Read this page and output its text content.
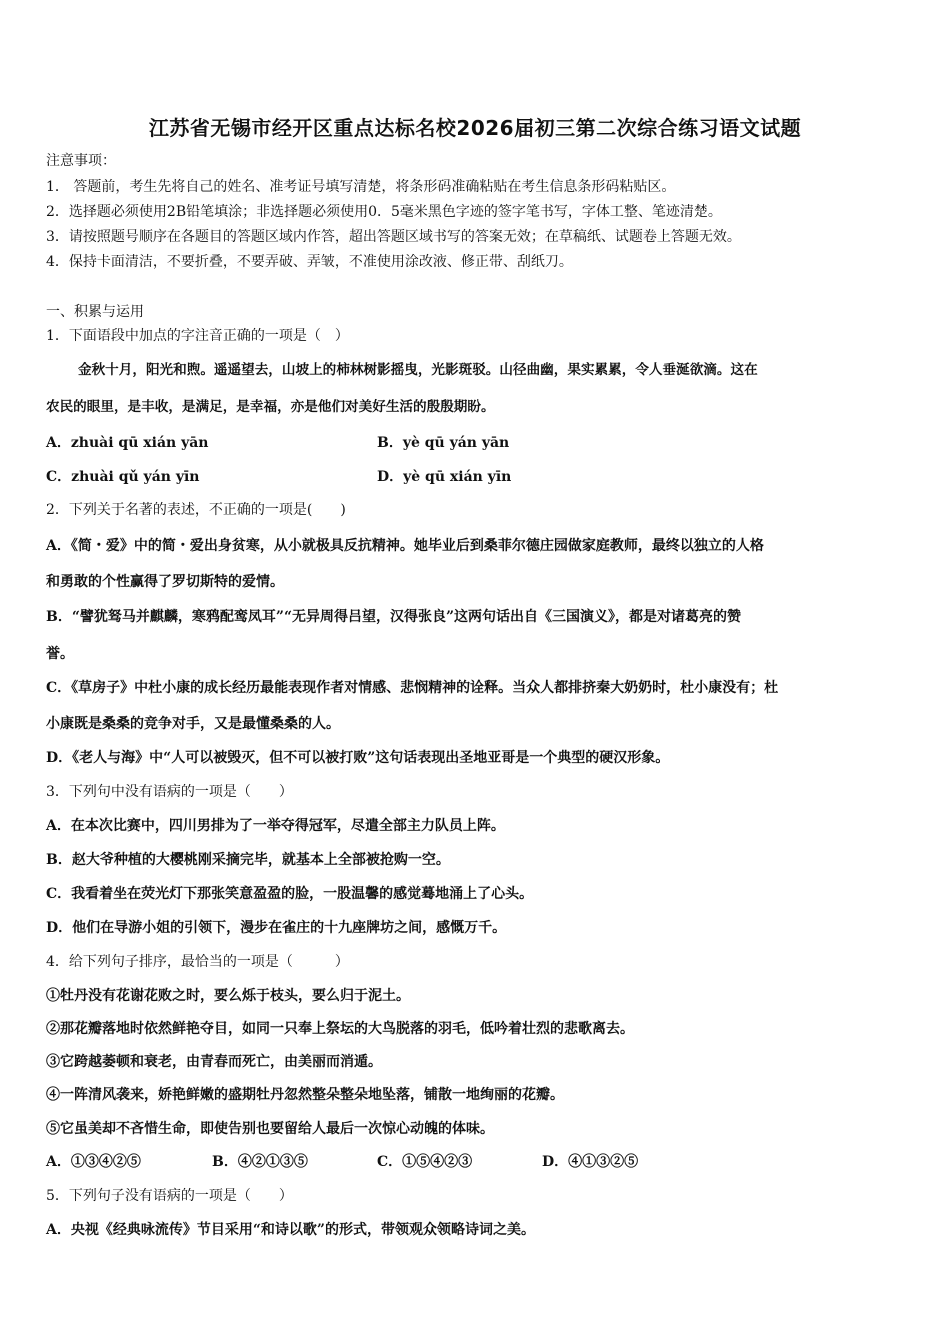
江苏省无锡市经开区重点达标名校2026届初三第二次综合练习语文试题
注意事项：
1． 答题前，考生先将自己的姓名、准考证号填写清楚，将条形码准确粘贴在考生信息条形码粘贴区。
2．选择题必须使用2B铅笔填涂；非选择题必须使用0．5毫米黑色字迹的签字笔书写，字体工整、笔迹清楚。
3．请按照题号顺序在各题目的答题区域内作答，超出答题区域书写的答案无效；在草稿纸、试题卷上答题无效。
4．保持卡面清洁，不要折叠，不要弄破、弄皱，不准使用涂改液、修正带、刮纸刀。
一、积累与运用
1．下面语段中加点的字注音正确的一项是（　）
金秋十月，阳光和煦。遥遥望去，山坡上的柿林树影摇曳，光影斑驳。山径曲幽，果实累累，令人垂涎欲滴。这在
农民的眼里，是丰收，是满足，是幸福，亦是他们对美好生活的殷殷期盼。
A．zhuài qū xián yān	B．yè qū yán yān
C．zhuài qǔ yán yīn	D．yè qū xián yīn
2．下列关于名著的表述，不正确的一项是(　　)
A．《简・爱》中的简・爱出身贫寒，从小就极具反抗精神。她毕业后到桑菲尔德庄园做家庭教师，最终以独立的人格
和勇敢的个性赢得了罗切斯特的爱情。
B．“譬犹驽马并麒麟，寒鸦配鸾凤耳”“无异周得吕望，汉得张良”这两句话出自《三国演义》，都是对诸葛亮的赞
誉。
C．《草房子》中杜小康的成长经历最能表现作者对情感、悲悯精神的诠释。当众人都排挤秦大奶奶时，杜小康没有；杜
小康既是桑桑的竞争对手，又是最懂桑桑的人。
D．《老人与海》中“人可以被毁灭，但不可以被打败”这句话表现出圣地亚哥是一个典型的硬汉形象。
3．下列句中没有语病的一项是（　　）
A．在本次比赛中，四川男排为了一举夺得冠军，尽遣全部主力队员上阵。
B．赵大爷种植的大樱桃刚采摘完毕，就基本上全部被抢购一空。
C．我看着坐在荧光灯下那张笑意盈盈的脸，一股温馨的感觉蓦地涌上了心头。
D．他们在导游小姐的引领下，漫步在雀庄的十九座牌坊之间，感慨万千。
4．给下列句子排序，最恰当的一项是（　　　）
①牡丹没有花谢花败之时，要么烁于枝头，要么归于泥土。
②那花瓣落地时依然鲜艳夺目，如同一只奉上祭坛的大鸟脱落的羽毛，低吟着壮烈的悲歌离去。
③它跨越萎顿和衰老，由青春而死亡，由美丽而消遁。
④一阵清风袭来，娇艳鲜嫩的盛期牡丹忽然整朵整朵地坠落，铺散一地绚丽的花瓣。
⑤它虽美却不吝惜生命，即使告别也要留给人最后一次惊心动魄的体味。
A．①③④②⑤	B．④②①③⑤	C．①⑤④②③	D．④①③②⑤
5．下列句子没有语病的一项是（　　）
A．央视《经典咏流传》节目采用“和诗以歌”的形式，带领观众领略诗词之美。
